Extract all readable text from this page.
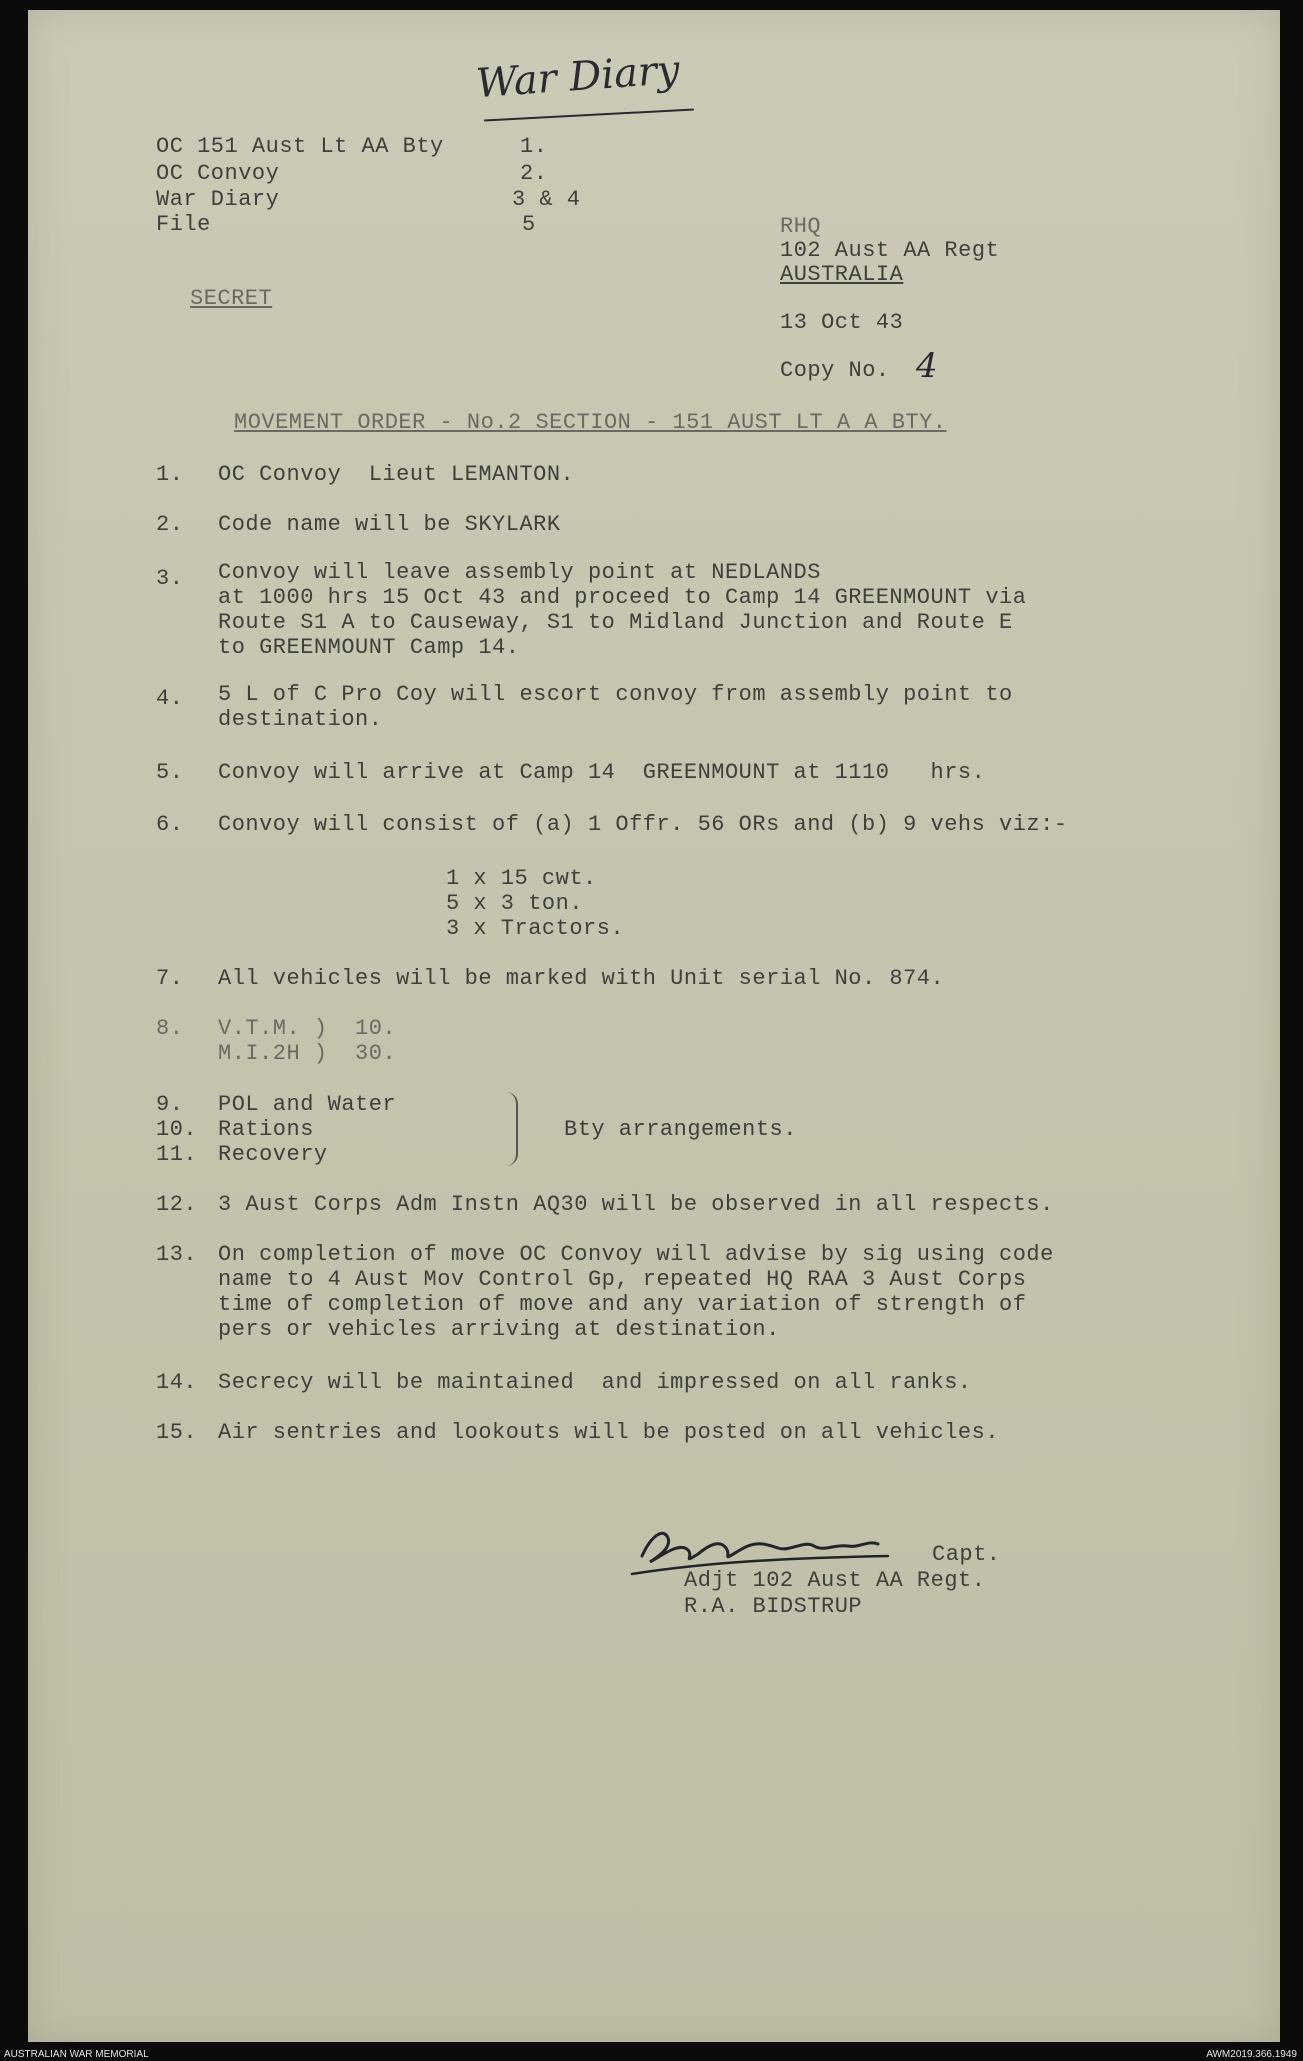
War Diary
OC 151 Aust Lt AA Bty	1.
OC Convoy	2.
War Diary	3 & 4
File	5
SECRET
RHQ
102 Aust AA Regt
AUSTRALIA
13 Oct 43
Copy No. 4
MOVEMENT ORDER - No.2 SECTION - 151 AUST LT A A BTY.
1. OC Convoy  Lieut LEMANTON.
2. Code name will be SKYLARK
3. Convoy will leave assembly point at NEDLANDS
at 1000 hrs 15 Oct 43 and proceed to Camp 14 GREENMOUNT via
Route S1 A to Causeway, S1 to Midland Junction and Route E
to GREENMOUNT Camp 14.
4. 5 L of C Pro Coy will escort convoy from assembly point to
destination.
5. Convoy will arrive at Camp 14  GREENMOUNT at 1110   hrs.
6. Convoy will consist of (a) 1 Offr. 56 ORs and (b) 9 vehs viz:-
1 x 15 cwt.
5 x 3 ton.
3 x Tractors.
7. All vehicles will be marked with Unit serial No. 874.
8. V.T.M. )  10.
M.I.2H )  30.
9. POL and Water
10. Rations
11. Recovery
Bty arrangements.
12. 3 Aust Corps Adm Instn AQ30 will be observed in all respects.
13. On completion of move OC Convoy will advise by sig using code
name to 4 Aust Mov Control Gp, repeated HQ RAA 3 Aust Corps
time of completion of move and any variation of strength of
pers or vehicles arriving at destination.
14. Secrecy will be maintained  and impressed on all ranks.
15. Air sentries and lookouts will be posted on all vehicles.
Capt.
Adjt 102 Aust AA Regt.
R.A. BIDSTRUP
AUSTRALIAN WAR MEMORIAL	AWM2019.366.1949
